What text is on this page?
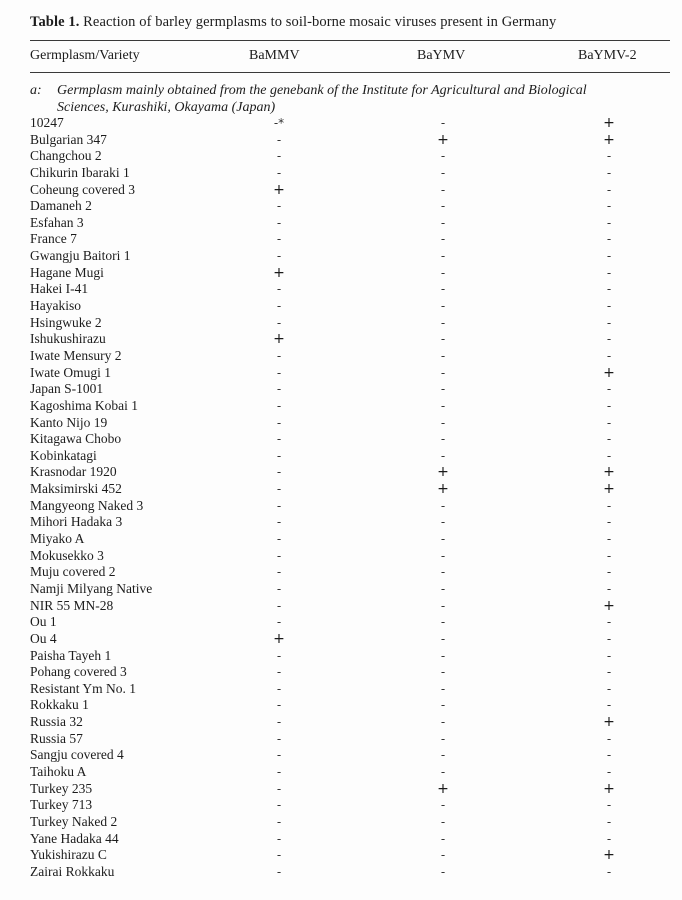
Table 1. Reaction of barley germplasms to soil-borne mosaic viruses present in Germany
Germplasm/Variety	BaMMV	BaYMV	BaYMV-2
a: Germplasm mainly obtained from the genebank of the Institute for Agricultural and Biological Sciences, Kurashiki, Okayama (Japan)
10247	-*	-	+
Bulgarian 347	-	+	+
Changchou 2	-	-	-
Chikurin Ibaraki 1	-	-	-
Coheung covered 3	+	-	-
Damaneh 2	-	-	-
Esfahan 3	-	-	-
France 7	-	-	-
Gwangju Baitori 1	-	-	-
Hagane Mugi	+	-	-
Hakei I-41	-	-	-
Hayakiso	-	-	-
Hsingwuke 2	-	-	-
Ishukushirazu	+	-	-
Iwate Mensury 2	-	-	-
Iwate Omugi 1	-	-	+
Japan S-1001	-	-	-
Kagoshima Kobai 1	-	-	-
Kanto Nijo 19	-	-	-
Kitagawa Chobo	-	-	-
Kobinkatagi	-	-	-
Krasnodar 1920	-	+	+
Maksimirski 452	-	+	+
Mangyeong Naked 3	-	-	-
Mihori Hadaka 3	-	-	-
Miyako A	-	-	-
Mokusekko 3	-	-	-
Muju covered 2	-	-	-
Namji Milyang Native	-	-	-
NIR 55 MN-28	-	-	+
Ou 1	-	-	-
Ou 4	+	-	-
Paisha Tayeh 1	-	-	-
Pohang covered 3	-	-	-
Resistant Ym No. 1	-	-	-
Rokkaku 1	-	-	-
Russia 32	-	-	+
Russia 57	-	-	-
Sangju covered 4	-	-	-
Taihoku A	-	-	-
Turkey 235	-	+	+
Turkey 713	-	-	-
Turkey Naked 2	-	-	-
Yane Hadaka 44	-	-	-
Yukishirazu C	-	-	+
Zairai Rokkaku	-	-	-
